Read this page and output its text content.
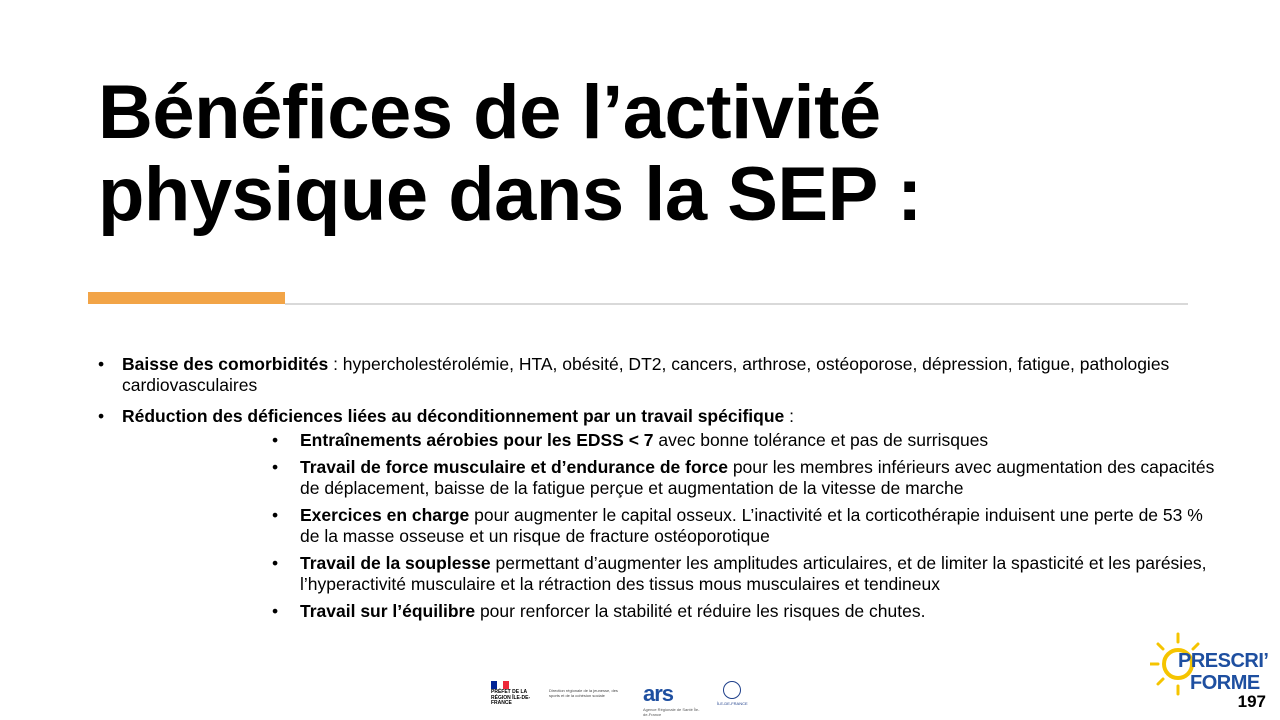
Bénéfices de l’activité physique dans la SEP :
• Baisse des comorbidités : hypercholestérolémie, HTA, obésité, DT2, cancers, arthrose, ostéoporose, dépression, fatigue, pathologies cardiovasculaires
• Réduction des déficiences liées au déconditionnement par un travail spécifique :
• Entraînements aérobies pour les EDSS < 7 avec bonne tolérance et pas de surrisques
• Travail de force musculaire et d’endurance de force pour les membres inférieurs avec augmentation des capacités de déplacement, baisse de la fatigue perçue et augmentation de la vitesse de marche
• Exercices en charge pour augmenter le capital osseux. L’inactivité et la corticothérapie induisent une perte de 53 % de la masse osseuse et un risque de fracture ostéoporotique
• Travail de la souplesse permettant d’augmenter les amplitudes articulaires, et de limiter la spasticité et les parésies, l’hyperactivité musculaire et la rétraction des tissus mous musculaires et tendineux
• Travail sur l’équilibre pour renforcer la stabilité et réduire les risques de chutes.
PRÉFET DE LA RÉGION ÎLE-DE-FRANCE
Direction régionale de la jeunesse, des sports et de la cohésion sociale	ars
Agence Régionale de Santé Île-de-France
ÎLE-DE-FRANCE
PRESCRI’
FORME
197
